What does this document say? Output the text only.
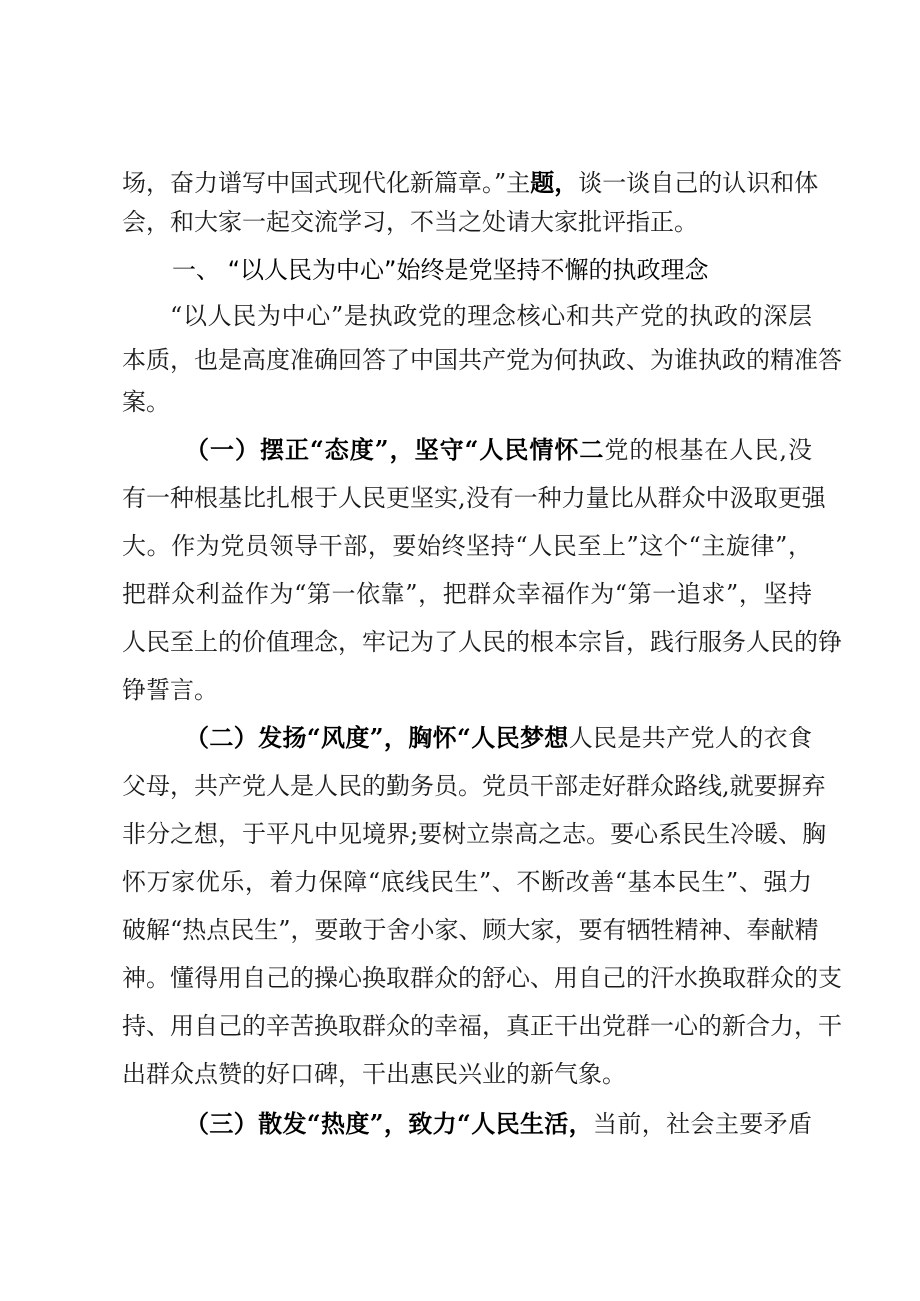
场，奋力谱写中国式现代化新篇章。”主题，谈一谈自己的认识和体
会，和大家一起交流学习，不当之处请大家批评指正。
一、 “以人民为中心”始终是党坚持不懈的执政理念
“以人民为中心”是执政党的理念核心和共产党的执政的深层
本质，也是高度准确回答了中国共产党为何执政、为谁执政的精准答
案。
（一）摆正“态度”，坚守“人民情怀二党的根基在人民,没
有一种根基比扎根于人民更坚实,没有一种力量比从群众中汲取更强
大。作为党员领导干部，要始终坚持“人民至上”这个“主旋律”，
把群众利益作为“第一依靠”，把群众幸福作为“第一追求”，坚持
人民至上的价值理念，牢记为了人民的根本宗旨，践行服务人民的铮
铮誓言。
（二）发扬“风度”，胸怀“人民梦想人民是共产党人的衣食
父母，共产党人是人民的勤务员。党员干部走好群众路线,就要摒弃
非分之想，于平凡中见境界;要树立崇高之志。要心系民生冷暖、胸
怀万家优乐，着力保障“底线民生”、不断改善“基本民生”、强力
破解“热点民生”，要敢于舍小家、顾大家，要有牺牲精神、奉献精
神。懂得用自己的操心换取群众的舒心、用自己的汗水换取群众的支
持、用自己的辛苦换取群众的幸福，真正干出党群一心的新合力，干
出群众点赞的好口碑，干出惠民兴业的新气象。
（三）散发“热度”，致力“人民生活，当前，社会主要矛盾
